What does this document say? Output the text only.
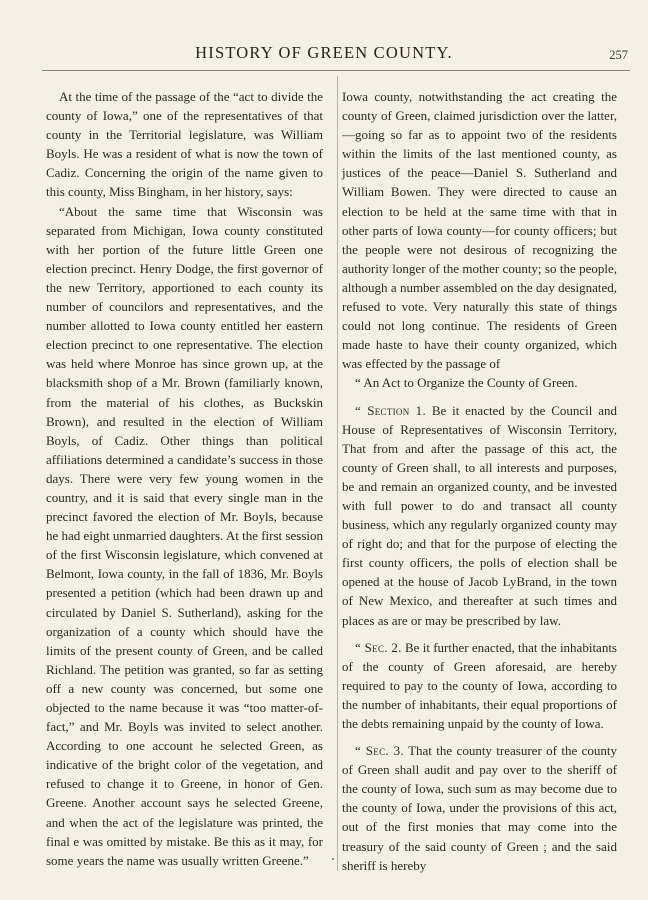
HISTORY OF GREEN COUNTY.	257

At the time of the passage of the “act to divide the county of Iowa,” one of the representatives of that county in the Territorial legislature, was William Boyls. He was a resident of what is now the town of Cadiz. Concerning the origin of the name given to this county, Miss Bingham, in her history, says:

“About the same time that Wisconsin was separated from Michigan, Iowa county constituted with her portion of the future little Green one election precinct. Henry Dodge, the first governor of the new Territory, apportioned to each county its number of councilors and representatives, and the number allotted to Iowa county entitled her eastern election precinct to one representative. The election was held where Monroe has since grown up, at the blacksmith shop of a Mr. Brown (familiarly known, from the material of his clothes, as Buckskin Brown), and resulted in the election of William Boyls, of Cadiz. Other things than political affiliations determined a candidate’s success in those days. There were very few young women in the country, and it is said that every single man in the precinct favored the election of Mr. Boyls, because he had eight unmarried daughters. At the first session of the first Wisconsin legislature, which convened at Belmont, Iowa county, in the fall of 1836, Mr. Boyls presented a petition (which had been drawn up and circulated by Daniel S. Sutherland), asking for the organization of a county which should have the limits of the present county of Green, and be called Richland. The petition was granted, so far as setting off a new county was concerned, but some one objected to the name because it was “too matter-of-fact,” and Mr. Boyls was invited to select another. According to one account he selected Green, as indicative of the bright color of the vegetation, and refused to change it to Greene, in honor of Gen. Greene. Another account says he selected Greene, and when the act of the legislature was printed, the final e was omitted by mistake. Be this as it may, for some years the name was usually written Greene.”

Iowa county, notwithstanding the act creating the county of Green, claimed jurisdiction over the latter,—going so far as to appoint two of the residents within the limits of the last mentioned county, as justices of the peace—Daniel S. Sutherland and William Bowen. They were directed to cause an election to be held at the same time with that in other parts of Iowa county—for county officers; but the people were not desirous of recognizing the authority longer of the mother county; so the people, although a number assembled on the day designated, refused to vote. Very naturally this state of things could not long continue. The residents of Green made haste to have their county organized, which was effected by the passage of

“ An Act to Organize the County of Green.

“ Section 1. Be it enacted by the Council and House of Representatives of Wisconsin Territory, That from and after the passage of this act, the county of Green shall, to all interests and purposes, be and remain an organized county, and be invested with full power to do and transact all county business, which any regularly organized county may of right do; and that for the purpose of electing the first county officers, the polls of election shall be opened at the house of Jacob LyBrand, in the town of New Mexico, and thereafter at such times and places as are or may be prescribed by law.

“ Sec. 2. Be it further enacted, that the inhabitants of the county of Green aforesaid, are hereby required to pay to the county of Iowa, according to the number of inhabitants, their equal proportions of the debts remaining unpaid by the county of Iowa.

“ Sec. 3. That the county treasurer of the county of Green shall audit and pay over to the sheriff of the county of Iowa, such sum as may become due to the county of Iowa, under the provisions of this act, out of the first monies that may come into the treasury of the said county of Green ; and the said sheriff is hereby
